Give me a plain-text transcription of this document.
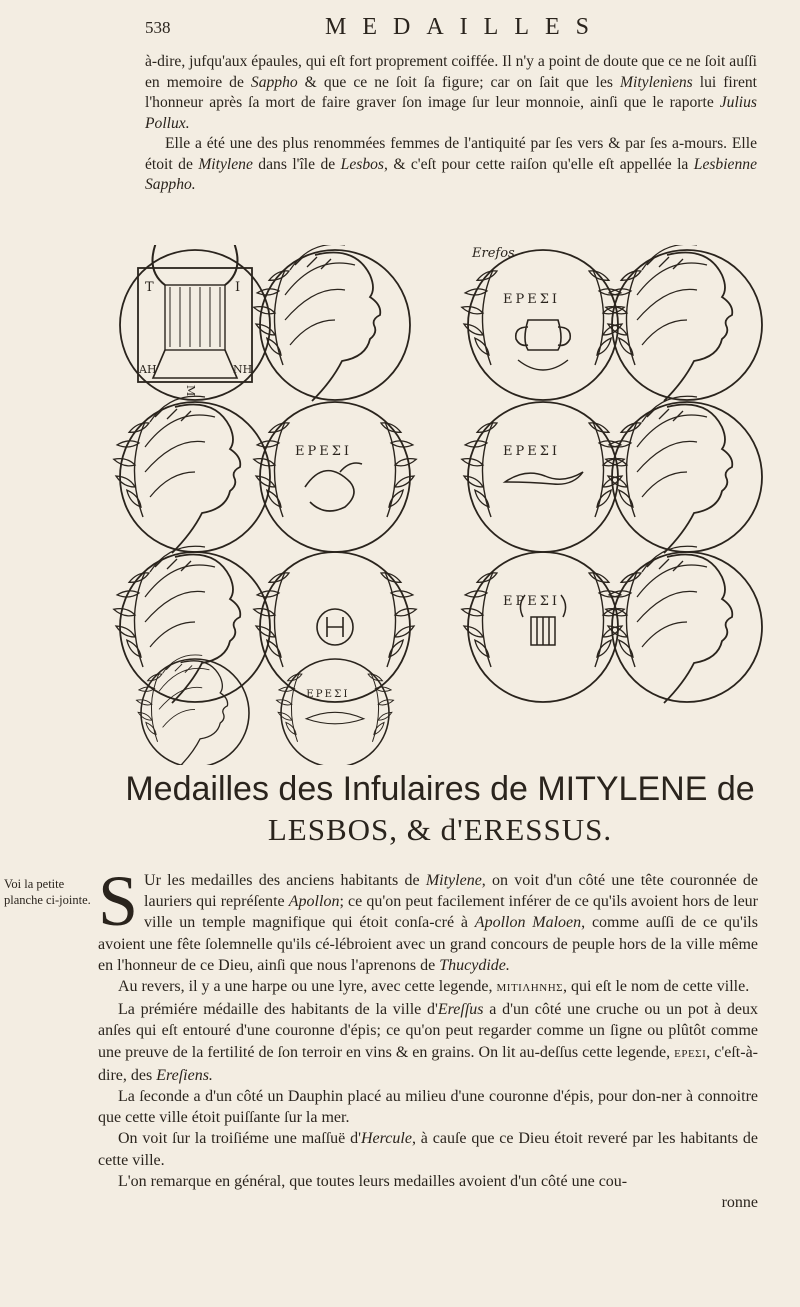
538	MEDAILLES

à-dire, jufqu'aux épaules, qui eſt fort proprement coiffée. Il n'y a point de doute que ce ne ſoit auſſi en memoire de Sappho & que ce ne ſoit ſa figure; car on ſait que les Mitylenìens lui firent l'honneur après ſa mort de faire graver ſon image ſur leur monnoie, ainſi que le raporte Julius Pollux.

Elle a été une des plus renommées femmes de l'antiquité par ſes vers & par ſes a-mours. Elle étoit de Mitylene dans l'île de Lesbos, & c'eſt pour cette raiſon qu'elle eſt appellée la Lesbienne Sappho.

Erefos
T	I
AH	NH
M
ΕΡΕΣΙ
ΕΡΕΣΙ	ΕΡΕΣΙ
ΕΡΕΣΙ
ΕΡΕΣΙ
Medailles des Infulaires de MITYLENE de
LESBOS, & d'ERESSUS.
Voi la petite planche ci-jointe. S Ur les medailles des anciens habitants de Mitylene, on voit d'un côté une tête couronnée de lauriers qui repréſente Apollon; ce qu'on peut facilement inférer de ce qu'ils avoient hors de leur ville un temple magnifique qui étoit conſa-cré à Apollon Maloen, comme auſſi de ce qu'ils avoient une fête ſolemnelle qu'ils cé-lébroient avec un grand concours de peuple hors de la ville même en l'honneur de ce Dieu, ainſi que nous l'aprenons de Thucydide.

Au revers, il y a une harpe ou une lyre, avec cette legende, ΜΙΤΙΛΗΝΗΣ, qui eſt le nom de cette ville.

La prémiére médaille des habitants de la ville d'Ereſſus a d'un côté une cruche ou un pot à deux anſes qui eſt entouré d'une couronne d'épis; ce qu'on peut regarder comme un ſigne ou plûtôt comme une preuve de la fertilité de ſon terroir en vins & en grains. On lit au-deſſus cette legende, ΕΡΕΣΙ, c'eſt-à-dire, des Ereſiens.

La ſeconde a d'un côté un Dauphin placé au milieu d'une couronne d'épis, pour don-ner à connoitre que cette ville étoit puiſſante ſur la mer.

On voit ſur la troiſiéme une maſſuë d'Hercule, à cauſe que ce Dieu étoit reveré par les habitants de cette ville.

L'on remarque en général, que toutes leurs medailles avoient d'un côté une cou-

ronne
